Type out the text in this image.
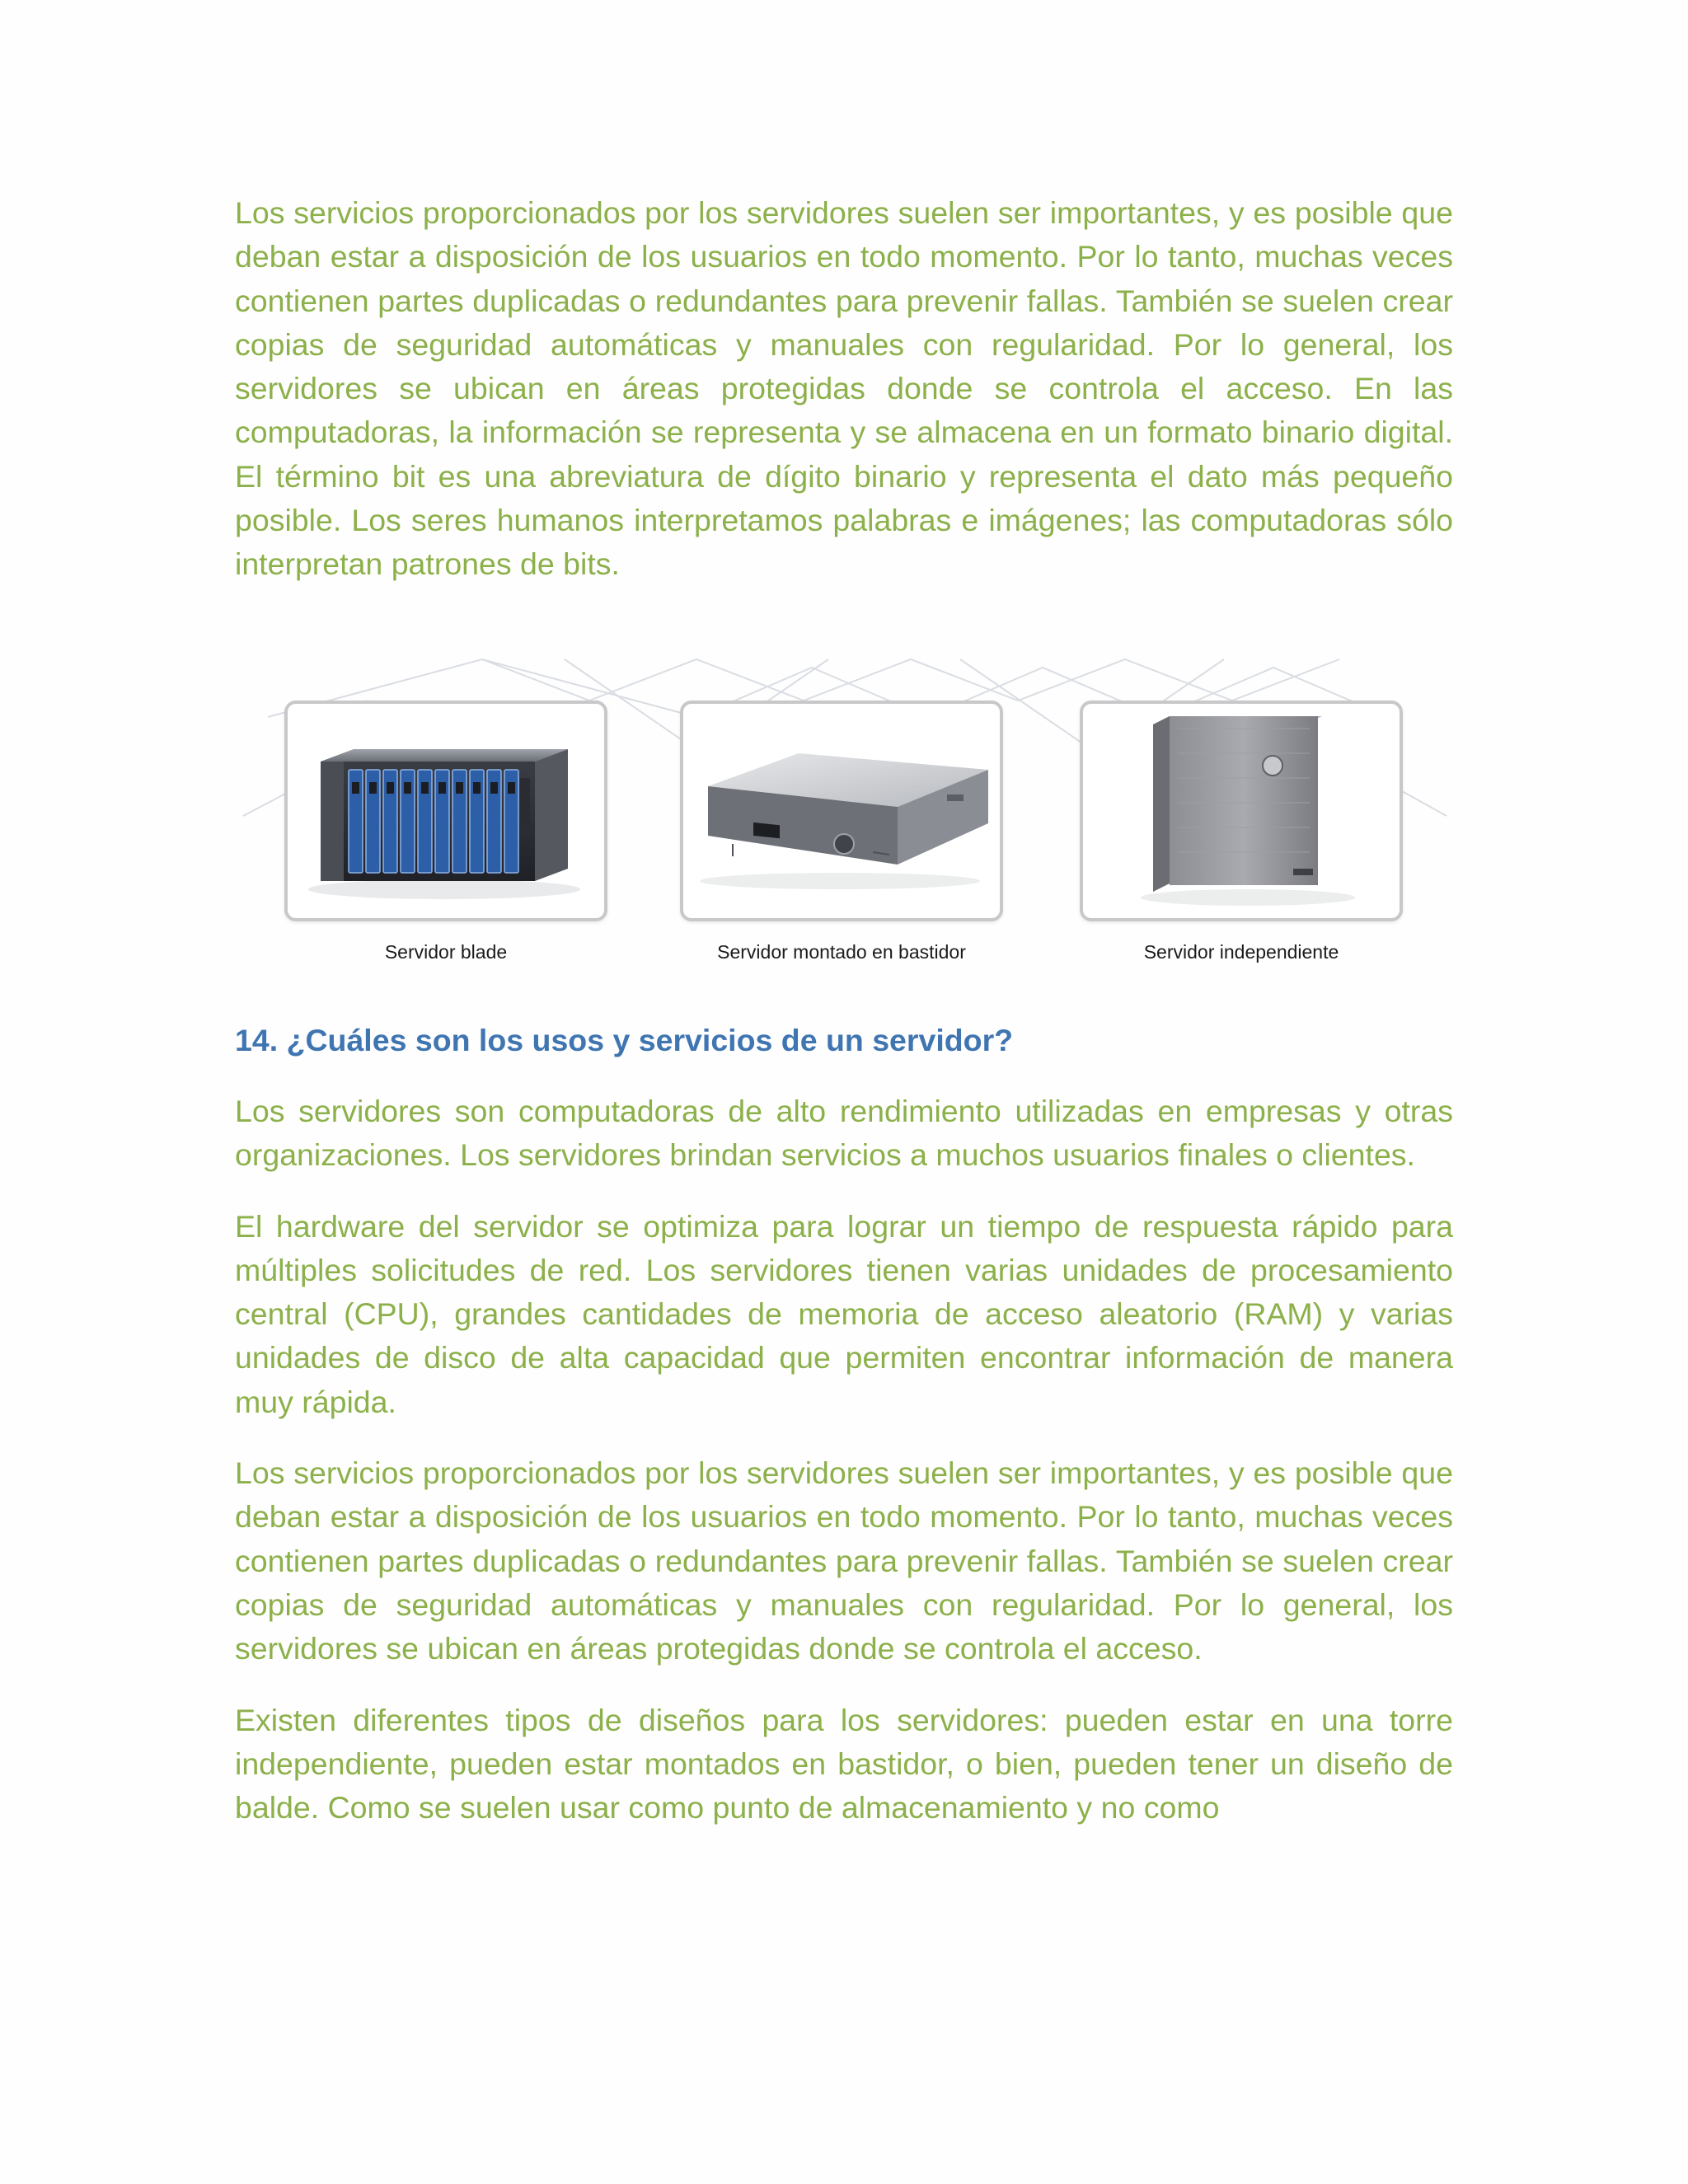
Los servicios proporcionados por los servidores suelen ser importantes, y es posible que deban estar a disposición de los usuarios en todo momento. Por lo tanto, muchas veces contienen partes duplicadas o redundantes para prevenir fallas. También se suelen crear copias de seguridad automáticas y manuales con regularidad. Por lo general, los servidores se ubican en áreas protegidas donde se controla el acceso. En las computadoras, la información se representa y se almacena en un formato binario digital. El término bit es una abreviatura de dígito binario y representa el dato más pequeño posible. Los seres humanos interpretamos palabras e imágenes; las computadoras sólo interpretan patrones de bits.

Servidor blade	Servidor montado en bastidor	Servidor independiente
14. ¿Cuáles son los usos y servicios de un servidor?

Los servidores son computadoras de alto rendimiento utilizadas en empresas y otras organizaciones. Los servidores brindan servicios a muchos usuarios finales o clientes.

El hardware del servidor se optimiza para lograr un tiempo de respuesta rápido para múltiples solicitudes de red. Los servidores tienen varias unidades de procesamiento central (CPU), grandes cantidades de memoria de acceso aleatorio (RAM) y varias unidades de disco de alta capacidad que permiten encontrar información de manera muy rápida.

Los servicios proporcionados por los servidores suelen ser importantes, y es posible que deban estar a disposición de los usuarios en todo momento. Por lo tanto, muchas veces contienen partes duplicadas o redundantes para prevenir fallas. También se suelen crear copias de seguridad automáticas y manuales con regularidad. Por lo general, los servidores se ubican en áreas protegidas donde se controla el acceso.

Existen diferentes tipos de diseños para los servidores: pueden estar en una torre independiente, pueden estar montados en bastidor, o bien, pueden tener un diseño de balde. Como se suelen usar como punto de almacenamiento y no como
